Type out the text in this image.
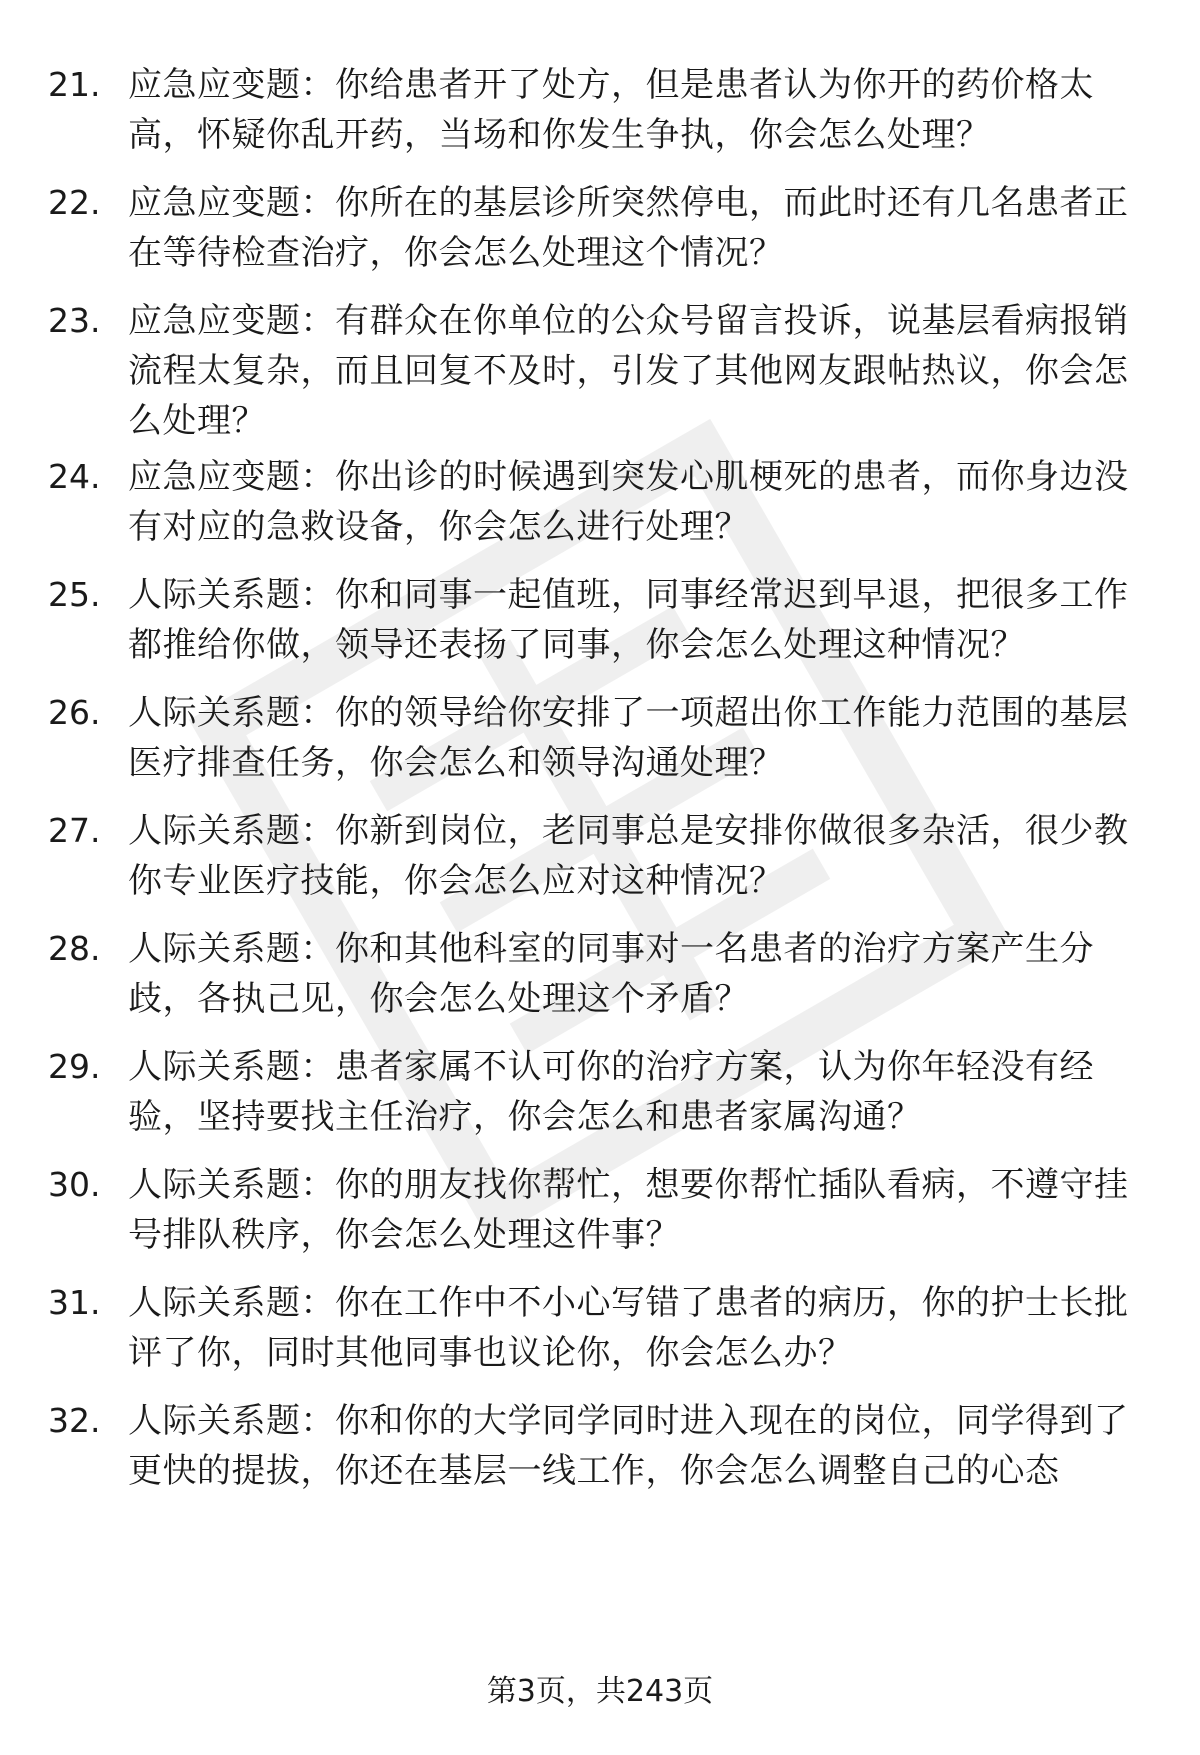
21. 应急应变题：你给患者开了处方，但是患者认为你开的药价格太高，怀疑你乱开药，当场和你发生争执，你会怎么处理？
22. 应急应变题：你所在的基层诊所突然停电，而此时还有几名患者正在等待检查治疗，你会怎么处理这个情况？
23. 应急应变题：有群众在你单位的公众号留言投诉，说基层看病报销流程太复杂，而且回复不及时，引发了其他网友跟帖热议，你会怎么处理？
24. 应急应变题：你出诊的时候遇到突发心肌梗死的患者，而你身边没有对应的急救设备，你会怎么进行处理？
25. 人际关系题：你和同事一起值班，同事经常迟到早退，把很多工作都推给你做，领导还表扬了同事，你会怎么处理这种情况？
26. 人际关系题：你的领导给你安排了一项超出你工作能力范围的基层医疗排查任务，你会怎么和领导沟通处理？
27. 人际关系题：你新到岗位，老同事总是安排你做很多杂活，很少教你专业医疗技能，你会怎么应对这种情况？
28. 人际关系题：你和其他科室的同事对一名患者的治疗方案产生分歧，各执己见，你会怎么处理这个矛盾？
29. 人际关系题：患者家属不认可你的治疗方案，认为你年轻没有经验，坚持要找主任治疗，你会怎么和患者家属沟通？
30. 人际关系题：你的朋友找你帮忙，想要你帮忙插队看病，不遵守挂号排队秩序，你会怎么处理这件事？
31. 人际关系题：你在工作中不小心写错了患者的病历，你的护士长批评了你，同时其他同事也议论你，你会怎么办？
32. 人际关系题：你和你的大学同学同时进入现在的岗位，同学得到了更快的提拔，你还在基层一线工作，你会怎么调整自己的心态
第3页，共243页
